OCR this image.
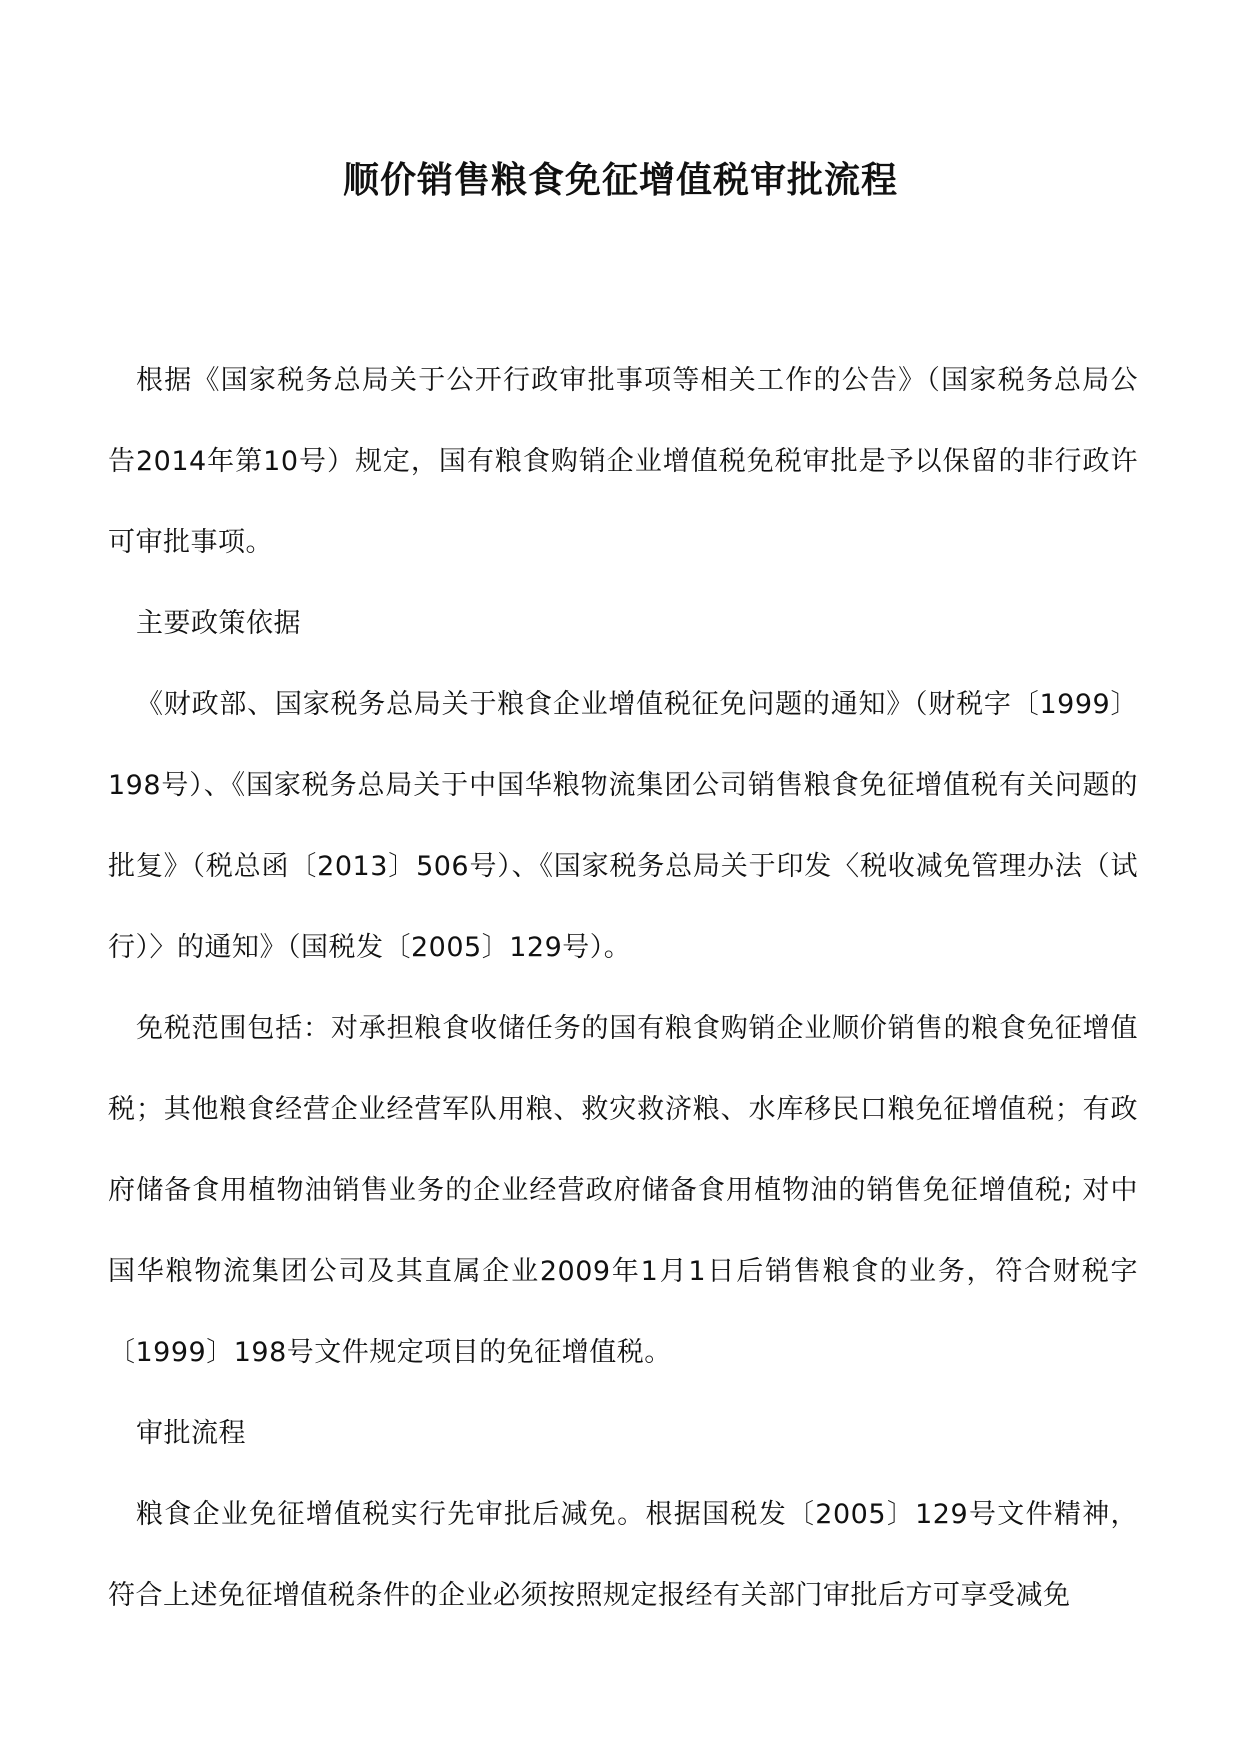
顺价销售粮食免征增值税审批流程

根据《国家税务总局关于公开行政审批事项等相关工作的公告》（国家税务总局公告2014年第10号）规定，国有粮食购销企业增值税免税审批是予以保留的非行政许可审批事项。

主要政策依据

《财政部、国家税务总局关于粮食企业增值税征免问题的通知》（财税字〔1999〕198号）、《国家税务总局关于中国华粮物流集团公司销售粮食免征增值税有关问题的批复》（税总函〔2013〕506号）、《国家税务总局关于印发〈税收减免管理办法（试行）〉的通知》（国税发〔2005〕129号）。

免税范围包括：对承担粮食收储任务的国有粮食购销企业顺价销售的粮食免征增值税；其他粮食经营企业经营军队用粮、救灾救济粮、水库移民口粮免征增值税；有政府储备食用植物油销售业务的企业经营政府储备食用植物油的销售免征增值税; 对中国华粮物流集团公司及其直属企业2009年1月1日后销售粮食的业务，符合财税字〔1999〕198号文件规定项目的免征增值税。

审批流程

粮食企业免征增值税实行先审批后减免。根据国税发〔2005〕129号文件精神，符合上述免征增值税条件的企业必须按照规定报经有关部门审批后方可享受减免
